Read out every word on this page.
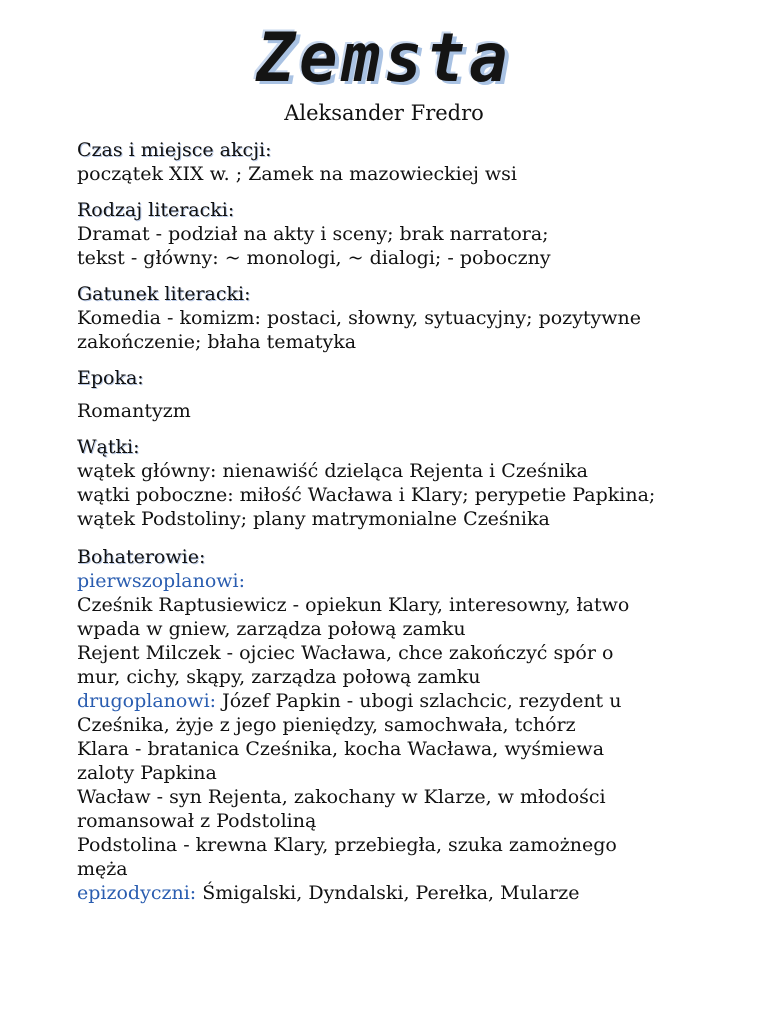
Zemsta
Aleksander Fredro
Czas i miejsce akcji:
początek XIX w. ; Zamek na mazowieckiej wsi
Rodzaj literacki:
Dramat - podział na akty i sceny; brak narratora;
tekst - główny: ~ monologi, ~ dialogi; - poboczny
Gatunek literacki:
Komedia - komizm: postaci, słowny, sytuacyjny; pozytywne
zakończenie; błaha tematyka
Epoka:
Romantyzm
Wątki:
wątek główny: nienawiść dzieląca Rejenta i Cześnika
wątki poboczne: miłość Wacława i Klary; perypetie Papkina;
wątek Podstoliny; plany matrymonialne Cześnika
Bohaterowie:
pierwszoplanowi:
Cześnik Raptusiewicz - opiekun Klary, interesowny, łatwo
wpada w gniew, zarządza połową zamku
Rejent Milczek - ojciec Wacława, chce zakończyć spór o
mur, cichy, skąpy, zarządza połową zamku
drugoplanowi: Józef Papkin - ubogi szlachcic, rezydent u
Cześnika, żyje z jego pieniędzy, samochwała, tchórz
Klara - bratanica Cześnika, kocha Wacława, wyśmiewa
zaloty Papkina
Wacław - syn Rejenta, zakochany w Klarze, w młodości
romansował z Podstoliną
Podstolina - krewna Klary, przebiegła, szuka zamożnego
męża
epizodyczni: Śmigalski, Dyndalski, Perełka, Mularze
